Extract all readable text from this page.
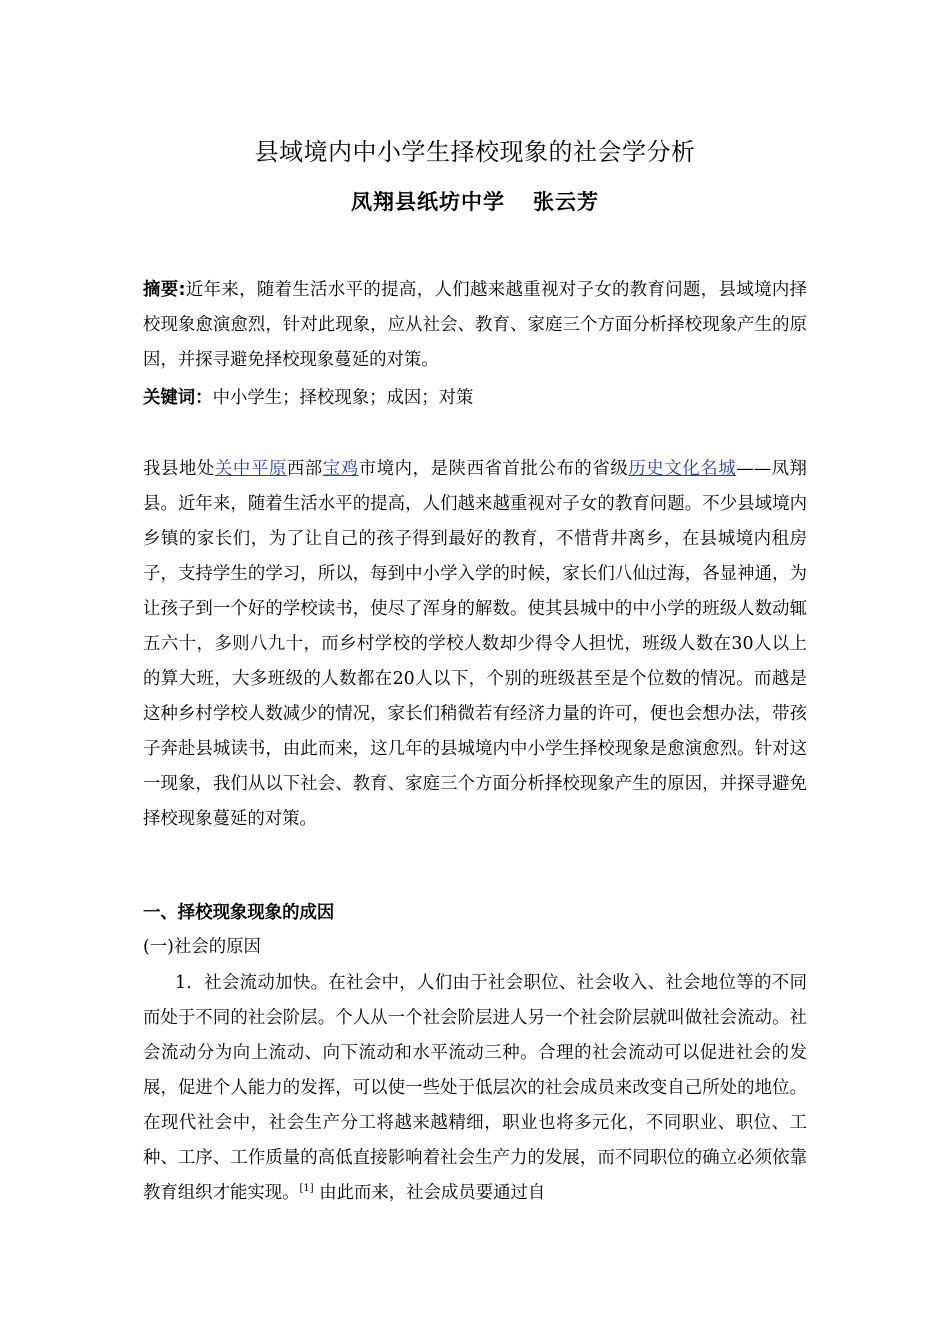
县域境内中小学生择校现象的社会学分析
凤翔县纸坊中学 张云芳
摘要:近年来，随着生活水平的提高，人们越来越重视对子女的教育问题，县域境内择校现象愈演愈烈，针对此现象，应从社会、教育、家庭三个方面分析择校现象产生的原因，并探寻避免择校现象蔓延的对策。
关键词：中小学生；择校现象；成因；对策
我县地处关中平原西部宝鸡市境内，是陕西省首批公布的省级历史文化名城——凤翔县。近年来，随着生活水平的提高，人们越来越重视对子女的教育问题。不少县域境内乡镇的家长们，为了让自己的孩子得到最好的教育，不惜背井离乡，在县城境内租房子，支持学生的学习，所以，每到中小学入学的时候，家长们八仙过海，各显神通，为让孩子到一个好的学校读书，使尽了浑身的解数。使其县城中的中小学的班级人数动辄五六十，多则八九十，而乡村学校的学校人数却少得令人担忧，班级人数在30人以上的算大班，大多班级的人数都在20人以下，个别的班级甚至是个位数的情况。而越是这种乡村学校人数减少的情况，家长们稍微若有经济力量的许可，便也会想办法，带孩子奔赴县城读书，由此而来，这几年的县城境内中小学生择校现象是愈演愈烈。针对这一现象，我们从以下社会、教育、家庭三个方面分析择校现象产生的原因，并探寻避免择校现象蔓延的对策。
一、择校现象现象的成因
(一)社会的原因
1．社会流动加快。在社会中，人们由于社会职位、社会收入、社会地位等的不同而处于不同的社会阶层。个人从一个社会阶层进人另一个社会阶层就叫做社会流动。社会流动分为向上流动、向下流动和水平流动三种。合理的社会流动可以促进社会的发展，促进个人能力的发挥，可以使一些处于低层次的社会成员来改变自己所处的地位。在现代社会中，社会生产分工将越来越精细，职业也将多元化，不同职业、职位、工种、工序、工作质量的高低直接影响着社会生产力的发展，而不同职位的确立必须依靠教育组织才能实现。[1] 由此而来，社会成员要通过自
